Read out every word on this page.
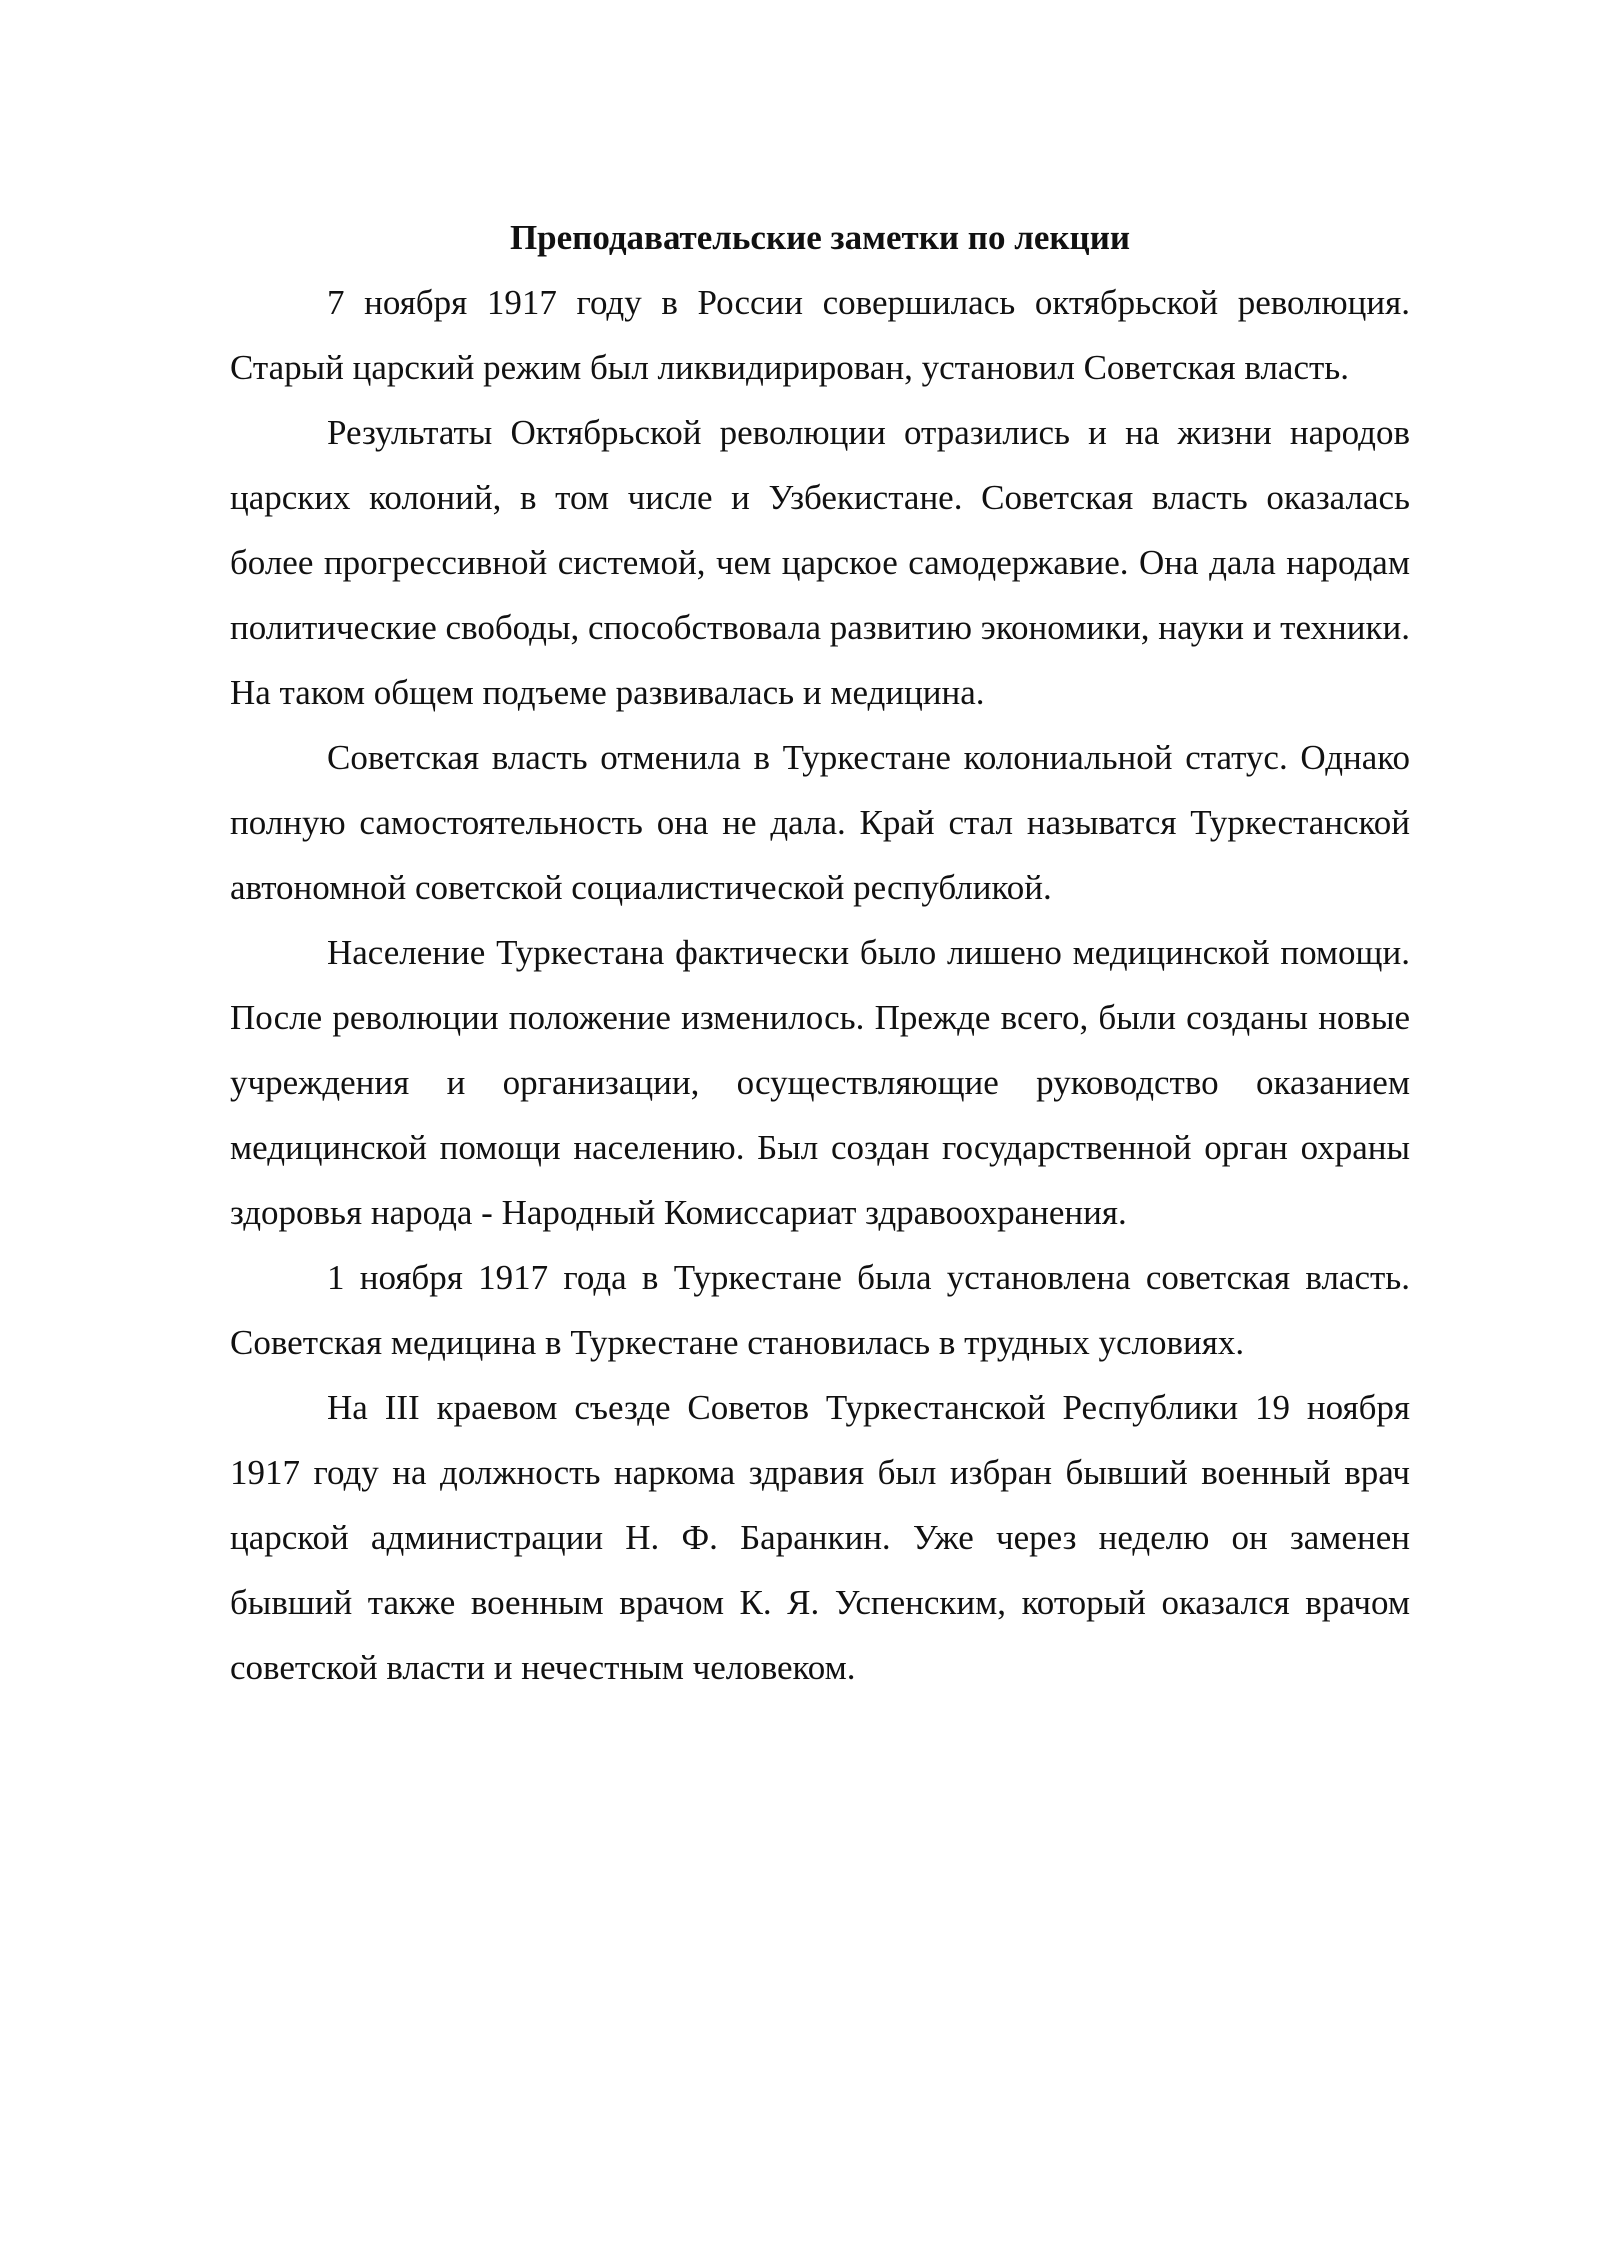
Преподавательские заметки по лекции

7 ноября 1917 году в России совершилась октябрьской революция. Старый царский режим был ликвидирирован, установил Советская власть.

Результаты Октябрьской революции отразились и на жизни народов царских колоний, в том числе и Узбекистане. Советская власть оказалась более прогрессивной системой, чем царское самодержавие. Она дала народам политические свободы, способствовала развитию экономики, науки и техники. На таком общем подъеме развивалась и медицина.

Советская власть отменила в Туркестане колониальной статус. Однако полную самостоятельность она не дала. Край стал называтся Туркестанской автономной советской социалистической республикой.

Население Туркестана фактически было лишено медицинской помощи. После революции положение изменилось. Прежде всего, были созданы новые учреждения и организации, осуществляющие руководство оказанием медицинской помощи населению. Был создан государственной орган охраны здоровья народа - Народный Комиссариат здравоохранения.

1 ноября 1917 года в Туркестане была установлена советская власть. Советская медицина в Туркестане становилась в трудных условиях.

На III краевом съезде Советов Туркестанской Республики 19 ноября 1917 году на должность наркома здравия был избран бывший военный врач царской администрации Н. Ф. Баранкин. Уже через неделю он заменен бывший также военным врачом К. Я. Успенским, который оказался врачом советской власти и нечестным человеком.
